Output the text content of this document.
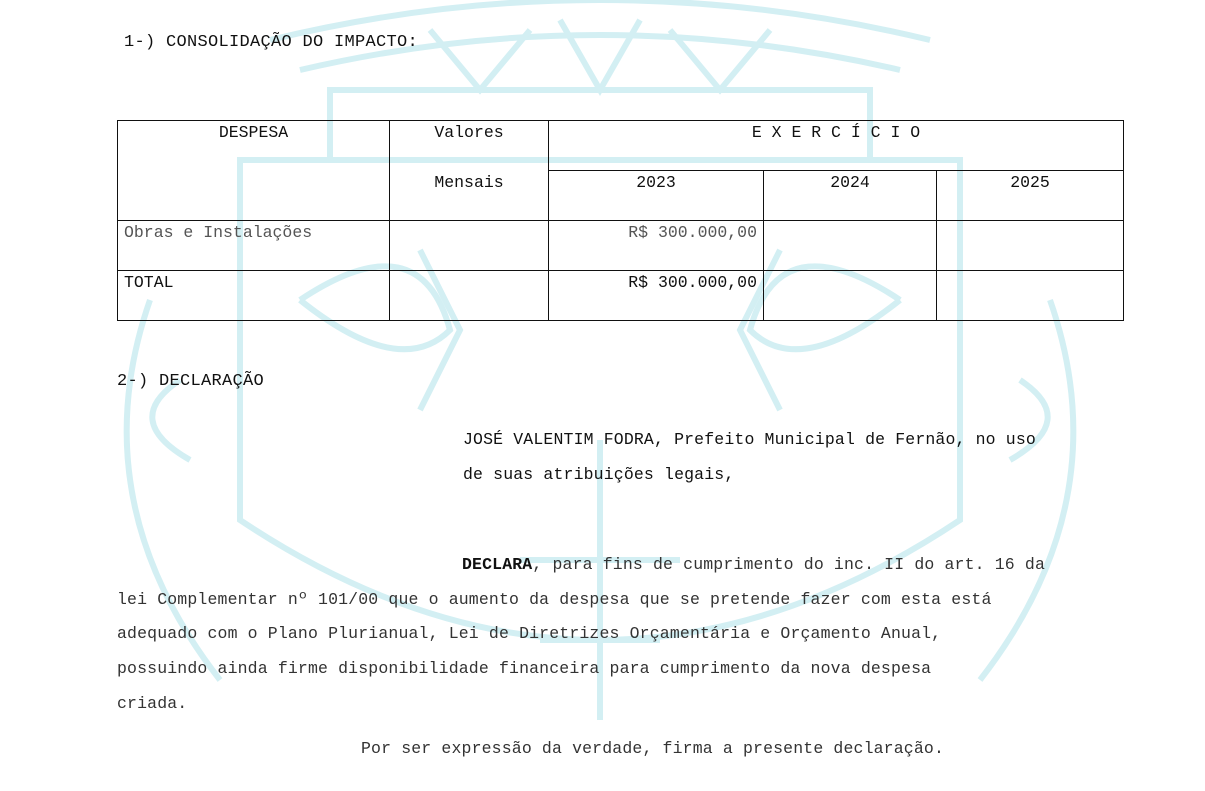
1-) CONSOLIDAÇÃO DO IMPACTO:
DESPESA	Valores	E X E R C Í C I O		
	Mensais	2023	2024	2025
Obras e Instalações		R$ 300.000,00		
TOTAL		R$ 300.000,00		
2-) DECLARAÇÃO
JOSÉ VALENTIM FODRA, Prefeito Municipal de Fernão, no uso
de suas atribuições legais,
DECLARA, para fins de cumprimento do inc. II do art. 16 da
lei Complementar nº 101/00 que o aumento da despesa que se pretende fazer com esta está
adequado com o Plano Plurianual, Lei de Diretrizes Orçamentária e Orçamento Anual,
possuindo ainda firme disponibilidade financeira para cumprimento da nova despesa
criada.
Por ser expressão da verdade, firma a presente declaração.
